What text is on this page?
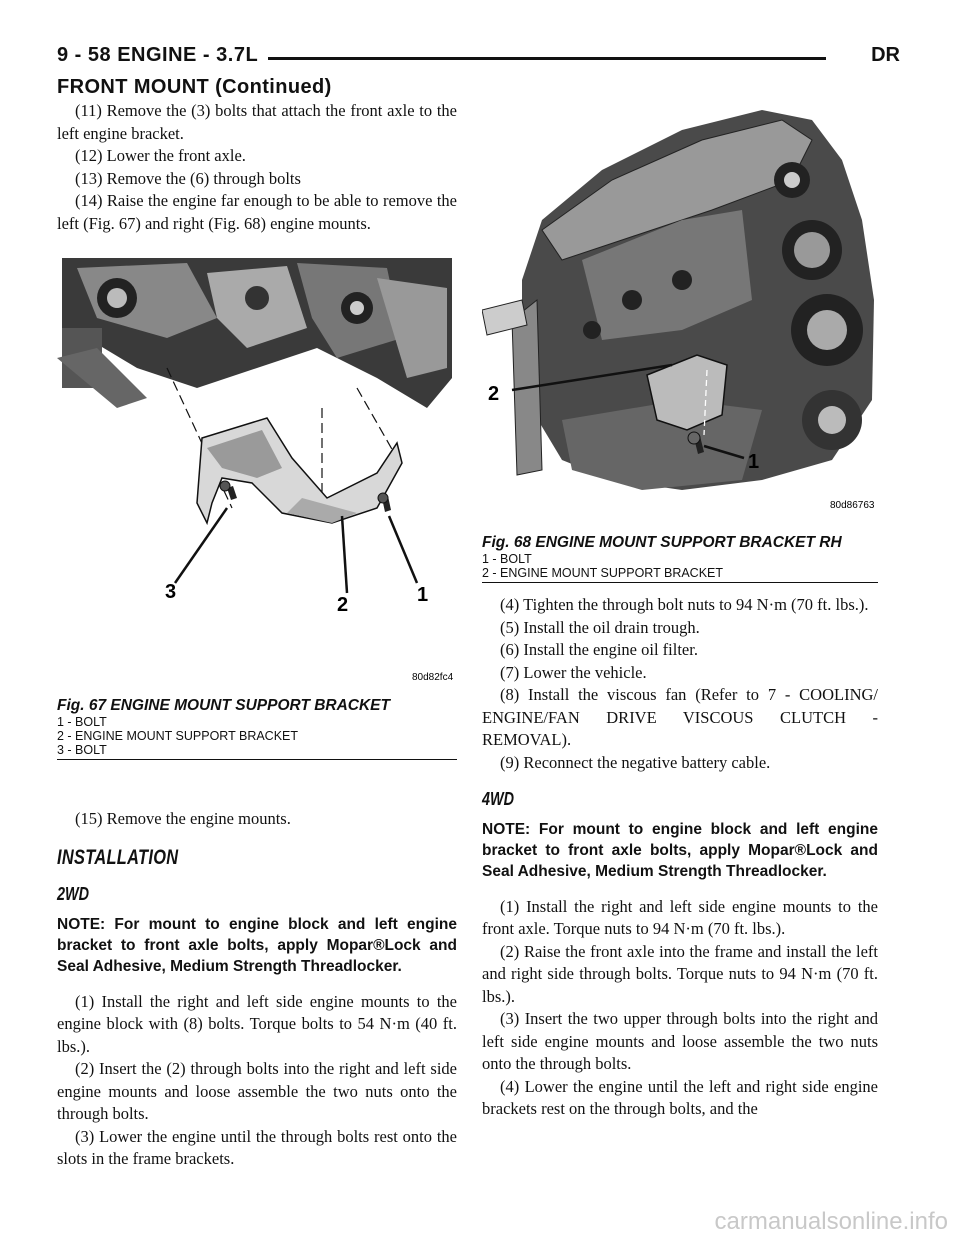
9 - 58 ENGINE - 3.7L	DR
FRONT MOUNT (Continued)

(11) Remove the (3) bolts that attach the front axle to the left engine bracket.

(12) Lower the front axle.

(13) Remove the (6) through bolts

(14) Raise the engine far enough to be able to remove the left (Fig. 67) and right (Fig. 68) engine mounts.

3
2	1
80d82fc4
Fig. 67 ENGINE MOUNT SUPPORT BRACKET
1 - BOLT
2 - ENGINE MOUNT SUPPORT BRACKET
3 - BOLT

(15) Remove the engine mounts.

INSTALLATION
2WD

NOTE: For mount to engine block and left engine bracket to front axle bolts, apply Mopar®Lock and Seal Adhesive, Medium Strength Threadlocker.

(1) Install the right and left side engine mounts to the engine block with (8) bolts. Torque bolts to 54 N·m (40 ft. lbs.).

(2) Insert the (2) through bolts into the right and left side engine mounts and loose assemble the two nuts onto the through bolts.

(3) Lower the engine until the through bolts rest onto the slots in the frame brackets.

2
1
80d86763
Fig. 68 ENGINE MOUNT SUPPORT BRACKET RH
1 - BOLT
2 - ENGINE MOUNT SUPPORT BRACKET

(4) Tighten the through bolt nuts to 94 N·m (70 ft. lbs.).

(5) Install the oil drain trough.

(6) Install the engine oil filter.

(7) Lower the vehicle.

(8) Install the viscous fan (Refer to 7 - COOLING/ ENGINE/FAN DRIVE VISCOUS CLUTCH - REMOVAL).

(9) Reconnect the negative battery cable.

4WD

NOTE: For mount to engine block and left engine bracket to front axle bolts, apply Mopar®Lock and Seal Adhesive, Medium Strength Threadlocker.

(1) Install the right and left side engine mounts to the front axle. Torque nuts to 94 N·m (70 ft. lbs.).

(2) Raise the front axle into the frame and install the left and right side through bolts. Torque nuts to 94 N·m (70 ft. lbs.).

(3) Insert the two upper through bolts into the right and left side engine mounts and loose assemble the two nuts onto the through bolts.

(4) Lower the engine until the left and right side engine brackets rest on the through bolts, and the

carmanualsonline.info
